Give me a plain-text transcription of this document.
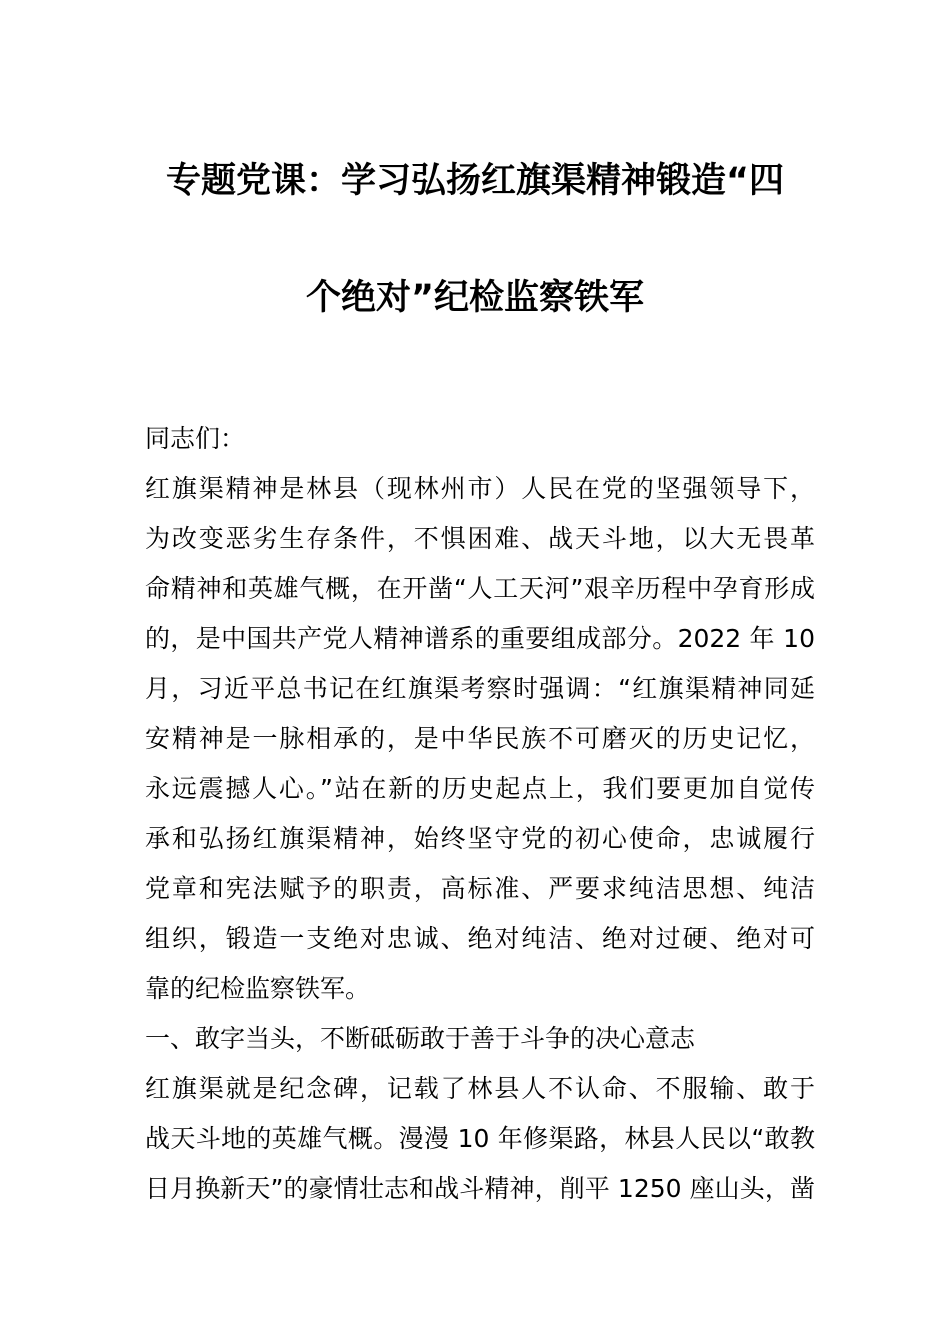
专题党课：学习弘扬红旗渠精神锻造“四
个绝对”纪检监察铁军
同志们：
红旗渠精神是林县（现林州市）人民在党的坚强领导下，
为改变恶劣生存条件，不惧困难、战天斗地，以大无畏革
命精神和英雄气概，在开凿“人工天河”艰辛历程中孕育形成
的，是中国共产党人精神谱系的重要组成部分。2022 年 10
月，习近平总书记在红旗渠考察时强调：“红旗渠精神同延
安精神是一脉相承的，是中华民族不可磨灭的历史记忆，
永远震撼人心。”站在新的历史起点上，我们要更加自觉传
承和弘扬红旗渠精神，始终坚守党的初心使命，忠诚履行
党章和宪法赋予的职责，高标准、严要求纯洁思想、纯洁
组织，锻造一支绝对忠诚、绝对纯洁、绝对过硬、绝对可
靠的纪检监察铁军。
一、敢字当头，不断砥砺敢于善于斗争的决心意志
红旗渠就是纪念碑，记载了林县人不认命、不服输、敢于
战天斗地的英雄气概。漫漫 10 年修渠路，林县人民以“敢教
日月换新天”的豪情壮志和战斗精神，削平 1250 座山头，凿
